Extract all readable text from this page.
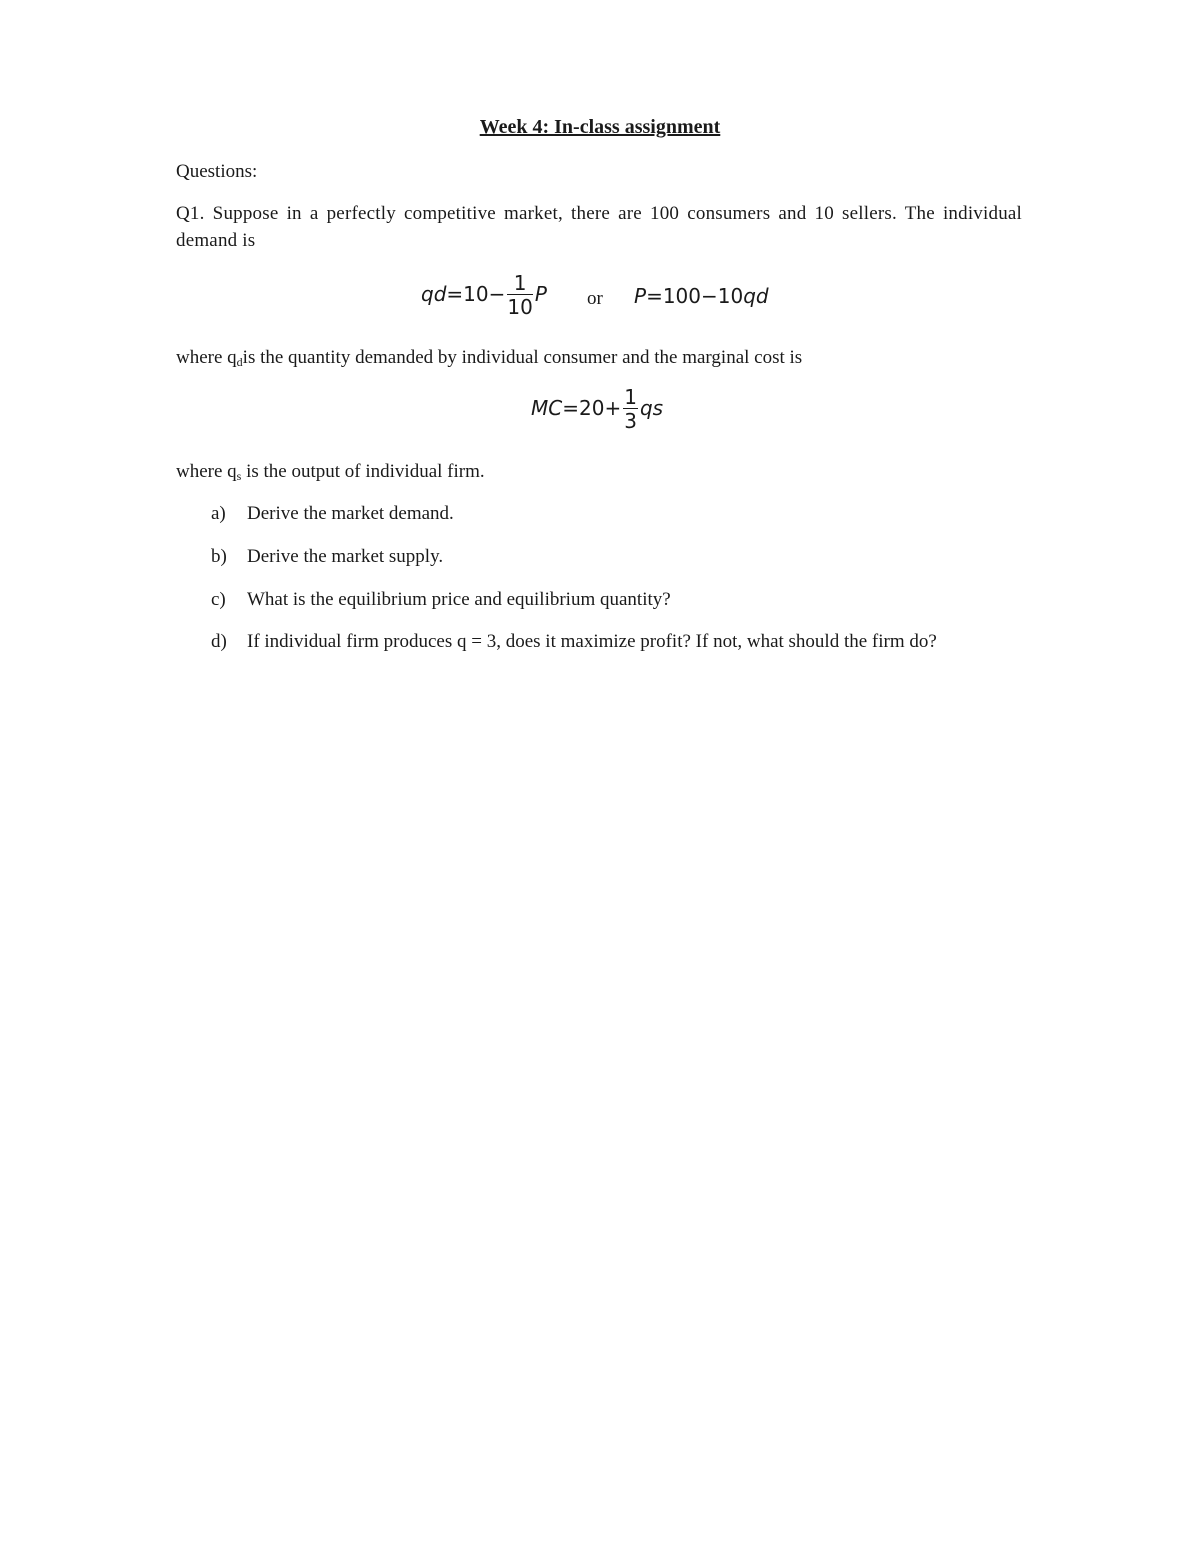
Week 4: In-class assignment
Questions:
Q1. Suppose in a perfectly competitive market, there are 100 consumers and 10 sellers. The individual demand is
$qd=10- \frac{1}{10}$ P or P=100−10qd
where $q_dis$ the quantity demanded by individual consumer and the marginal cost is
$MC=20+ \frac{1}{3}$ qs
where $q_s$ is the output of individual firm.
a) Derive the market demand.
b) Derive the market supply.
c) What is the equilibrium price and equilibrium quantity?
d) If individual firm produces q = 3, does it maximize profit? If not, what should the firm do?
